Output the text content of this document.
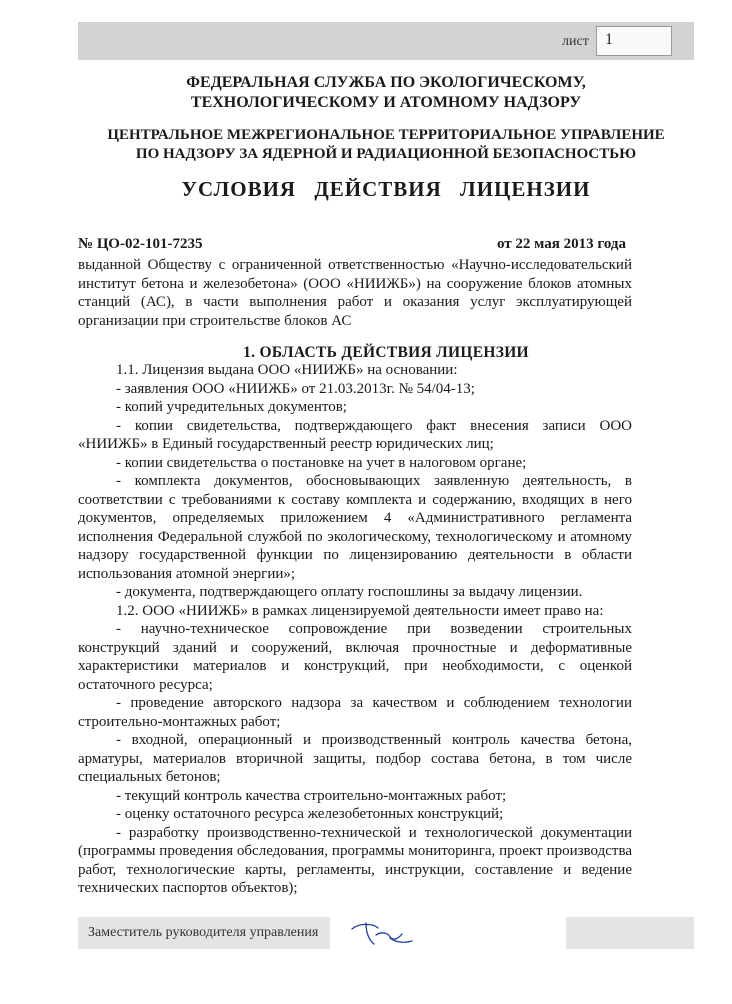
лист	1
ФЕДЕРАЛЬНАЯ СЛУЖБА ПО ЭКОЛОГИЧЕСКОМУ,
ТЕХНОЛОГИЧЕСКОМУ И АТОМНОМУ НАДЗОРУ
ЦЕНТРАЛЬНОЕ МЕЖРЕГИОНАЛЬНОЕ ТЕРРИТОРИАЛЬНОЕ УПРАВЛЕНИЕ
ПО НАДЗОРУ ЗА ЯДЕРНОЙ И РАДИАЦИОННОЙ БЕЗОПАСНОСТЬЮ
УСЛОВИЯ ДЕЙСТВИЯ ЛИЦЕНЗИИ
№ ЦО-02-101-7235	от 22 мая 2013 года

выданной Обществу с ограниченной ответственностью «Научно-исследовательский институт бетона и железобетона» (ООО «НИИЖБ») на сооружение блоков атомных станций (АС), в части выполнения работ и оказания услуг эксплуатирующей организации при строительстве блоков АС

1. ОБЛАСТЬ ДЕЙСТВИЯ ЛИЦЕНЗИИ

1.1. Лицензия выдана ООО «НИИЖБ» на основании:

- заявления ООО «НИИЖБ» от 21.03.2013г. № 54/04-13;

- копий учредительных документов;

- копии свидетельства, подтверждающего факт внесения записи ООО «НИИЖБ» в Единый государственный реестр юридических лиц;

- копии свидетельства о постановке на учет в налоговом органе;

- комплекта документов, обосновывающих заявленную деятельность, в соответствии с требованиями к составу комплекта и содержанию, входящих в него документов, определяемых приложением 4 «Административного регламента исполнения Федеральной службой по экологическому, технологическому и атомному надзору государственной функции по лицензированию деятельности в области использования атомной энергии»;

- документа, подтверждающего оплату госпошлины за выдачу лицензии.

1.2. ООО «НИИЖБ» в рамках лицензируемой деятельности имеет право на:

- научно-техническое сопровождение при возведении строительных конструкций зданий и сооружений, включая прочностные и деформативные характеристики материалов и конструкций, при необходимости, с оценкой остаточного ресурса;

- проведение авторского надзора за качеством и соблюдением технологии строительно-монтажных работ;

- входной, операционный и производственный контроль качества бетона, арматуры, материалов вторичной защиты, подбор состава бетона, в том числе специальных бетонов;

- текущий контроль качества строительно-монтажных работ;

- оценку остаточного ресурса железобетонных конструкций;

- разработку производственно-технической и технологической документации (программы проведения обследования, программы мониторинга, проект производства работ, технологические карты, регламенты, инструкции, составление и ведение технических паспортов объектов);

Заместитель руководителя управления
